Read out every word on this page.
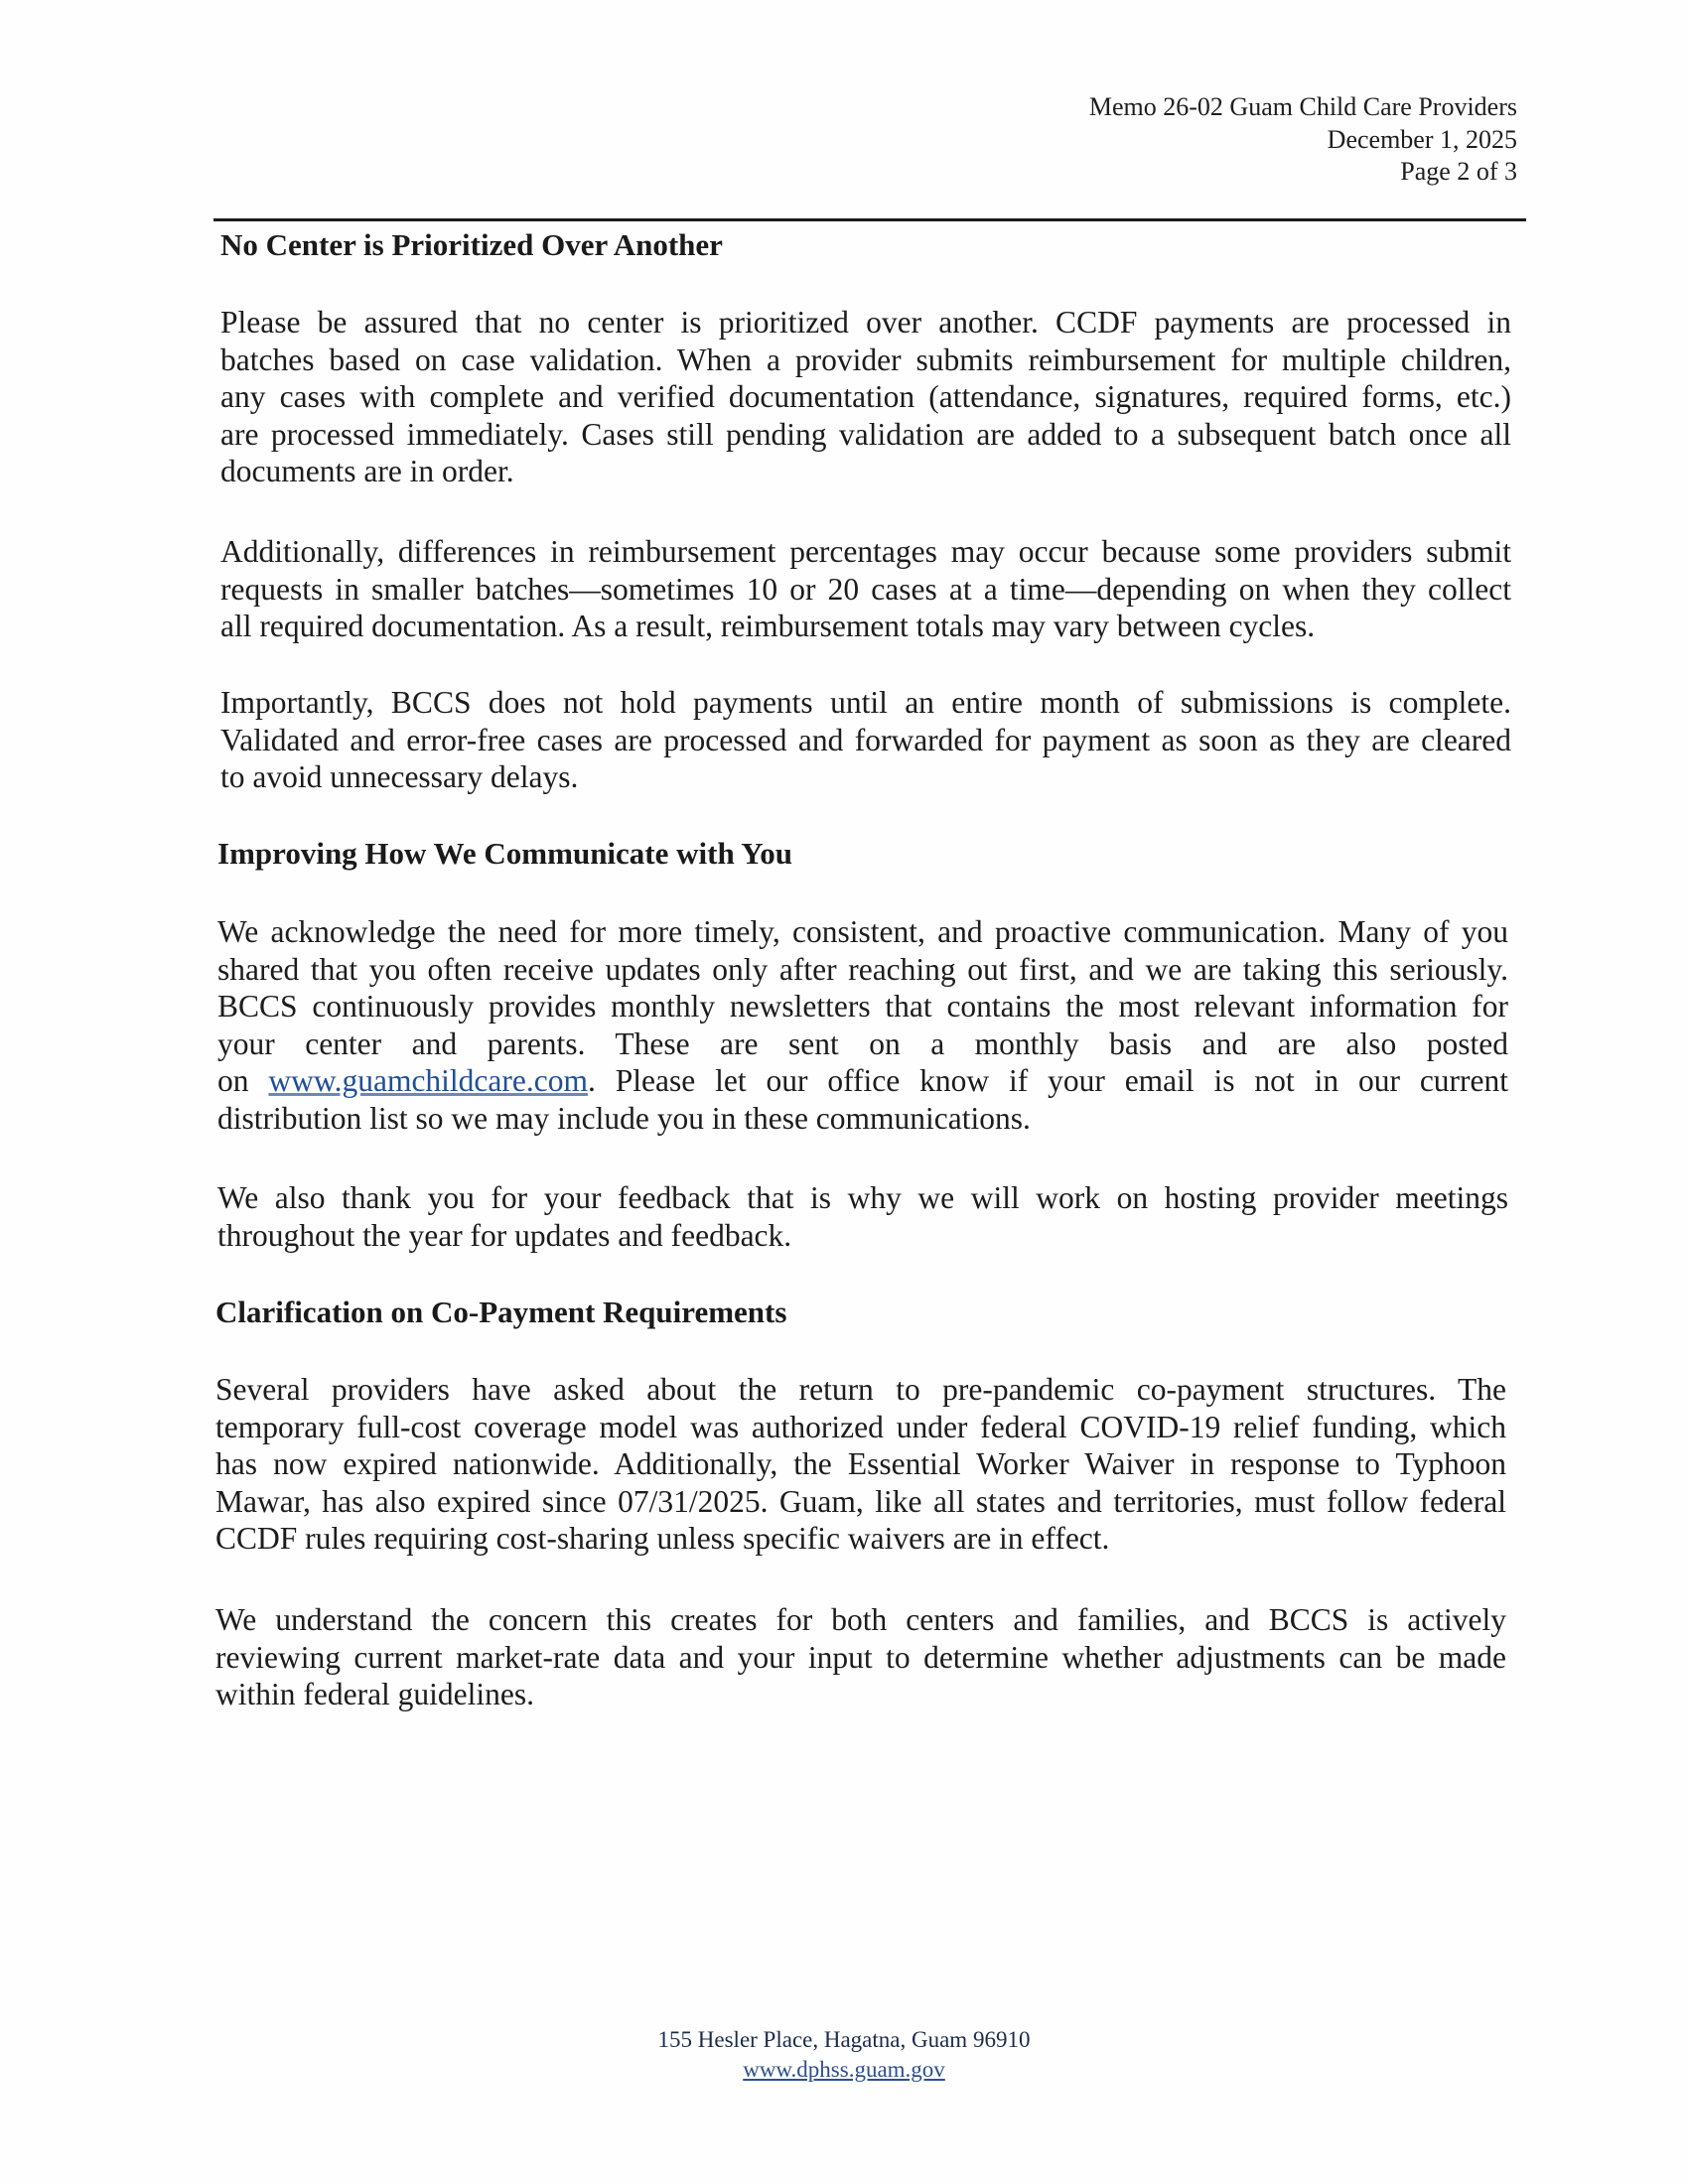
Memo 26-02 Guam Child Care Providers
December 1, 2025
Page 2 of 3
No Center is Prioritized Over Another
Please be assured that no center is prioritized over another. CCDF payments are processed in
batches based on case validation. When a provider submits reimbursement for multiple children,
any cases with complete and verified documentation (attendance, signatures, required forms, etc.)
are processed immediately. Cases still pending validation are added to a subsequent batch once all
documents are in order.
Additionally, differences in reimbursement percentages may occur because some providers submit
requests in smaller batches—sometimes 10 or 20 cases at a time—depending on when they collect
all required documentation. As a result, reimbursement totals may vary between cycles.
Importantly, BCCS does not hold payments until an entire month of submissions is complete.
Validated and error-free cases are processed and forwarded for payment as soon as they are cleared
to avoid unnecessary delays.
Improving How We Communicate with You
We acknowledge the need for more timely, consistent, and proactive communication. Many of you
shared that you often receive updates only after reaching out first, and we are taking this seriously.
BCCS continuously provides monthly newsletters that contains the most relevant information for
your center and parents. These are sent on a monthly basis and are also posted
on www.guamchildcare.com. Please let our office know if your email is not in our current
distribution list so we may include you in these communications.
We also thank you for your feedback that is why we will work on hosting provider meetings
throughout the year for updates and feedback.
Clarification on Co-Payment Requirements
Several providers have asked about the return to pre-pandemic co-payment structures. The
temporary full-cost coverage model was authorized under federal COVID-19 relief funding, which
has now expired nationwide. Additionally, the Essential Worker Waiver in response to Typhoon
Mawar, has also expired since 07/31/2025. Guam, like all states and territories, must follow federal
CCDF rules requiring cost-sharing unless specific waivers are in effect.
We understand the concern this creates for both centers and families, and BCCS is actively
reviewing current market-rate data and your input to determine whether adjustments can be made
within federal guidelines.
155 Hesler Place, Hagatna, Guam 96910
www.dphss.guam.gov
